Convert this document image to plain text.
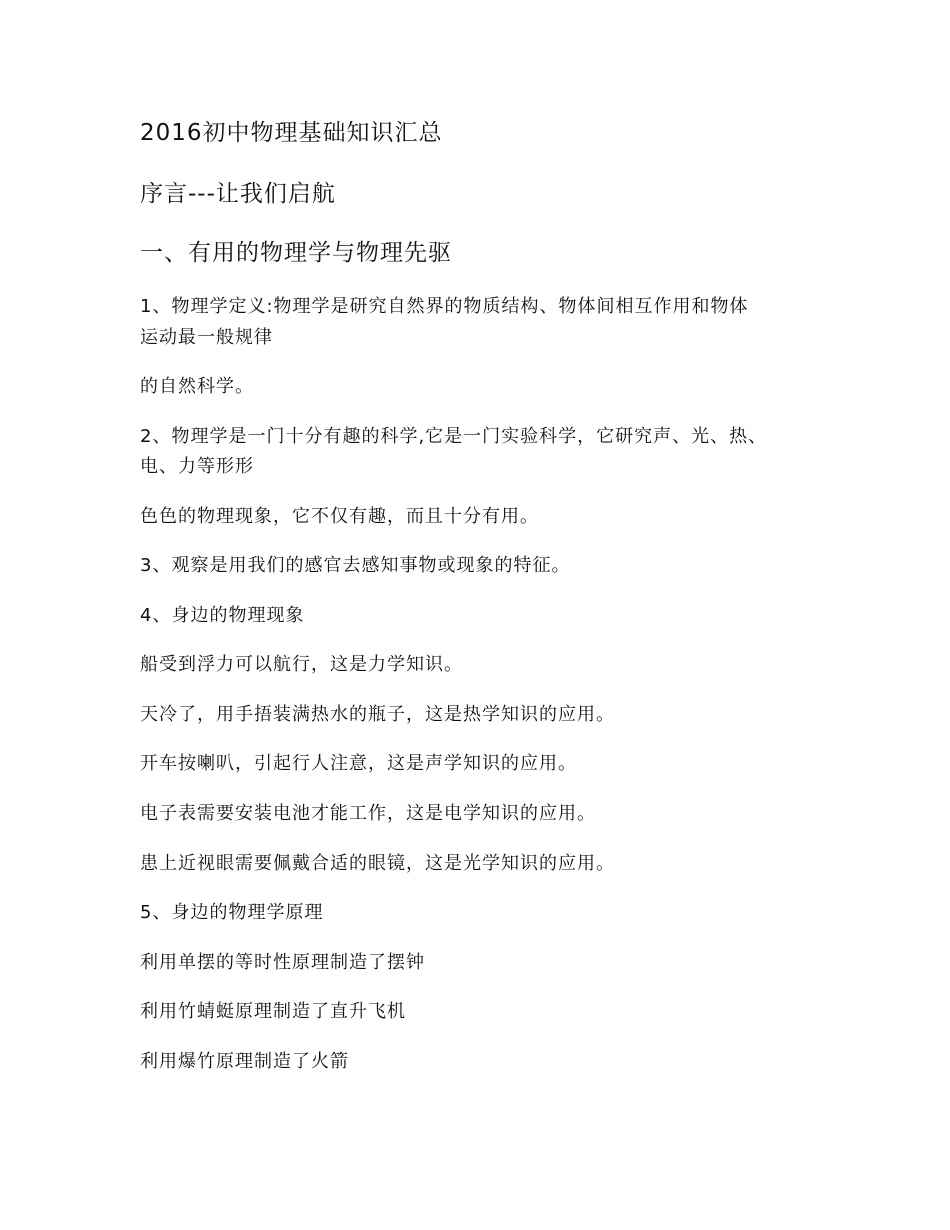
2016初中物理基础知识汇总
序言---让我们启航
一、有用的物理学与物理先驱

1、物理学定义:物理学是研究自然界的物质结构、物体间相互作用和物体

运动最一般规律

的自然科学。

2、物理学是一门十分有趣的科学,它是一门实验科学，它研究声、光、热、

电、力等形形

色色的物理现象，它不仅有趣，而且十分有用。

3、观察是用我们的感官去感知事物或现象的特征。

4、身边的物理现象

船受到浮力可以航行，这是力学知识。

天冷了，用手捂装满热水的瓶子，这是热学知识的应用。

开车按喇叭，引起行人注意，这是声学知识的应用。

电子表需要安装电池才能工作，这是电学知识的应用。

患上近视眼需要佩戴合适的眼镜，这是光学知识的应用。

5、身边的物理学原理

利用单摆的等时性原理制造了摆钟

利用竹蜻蜓原理制造了直升飞机

利用爆竹原理制造了火箭
